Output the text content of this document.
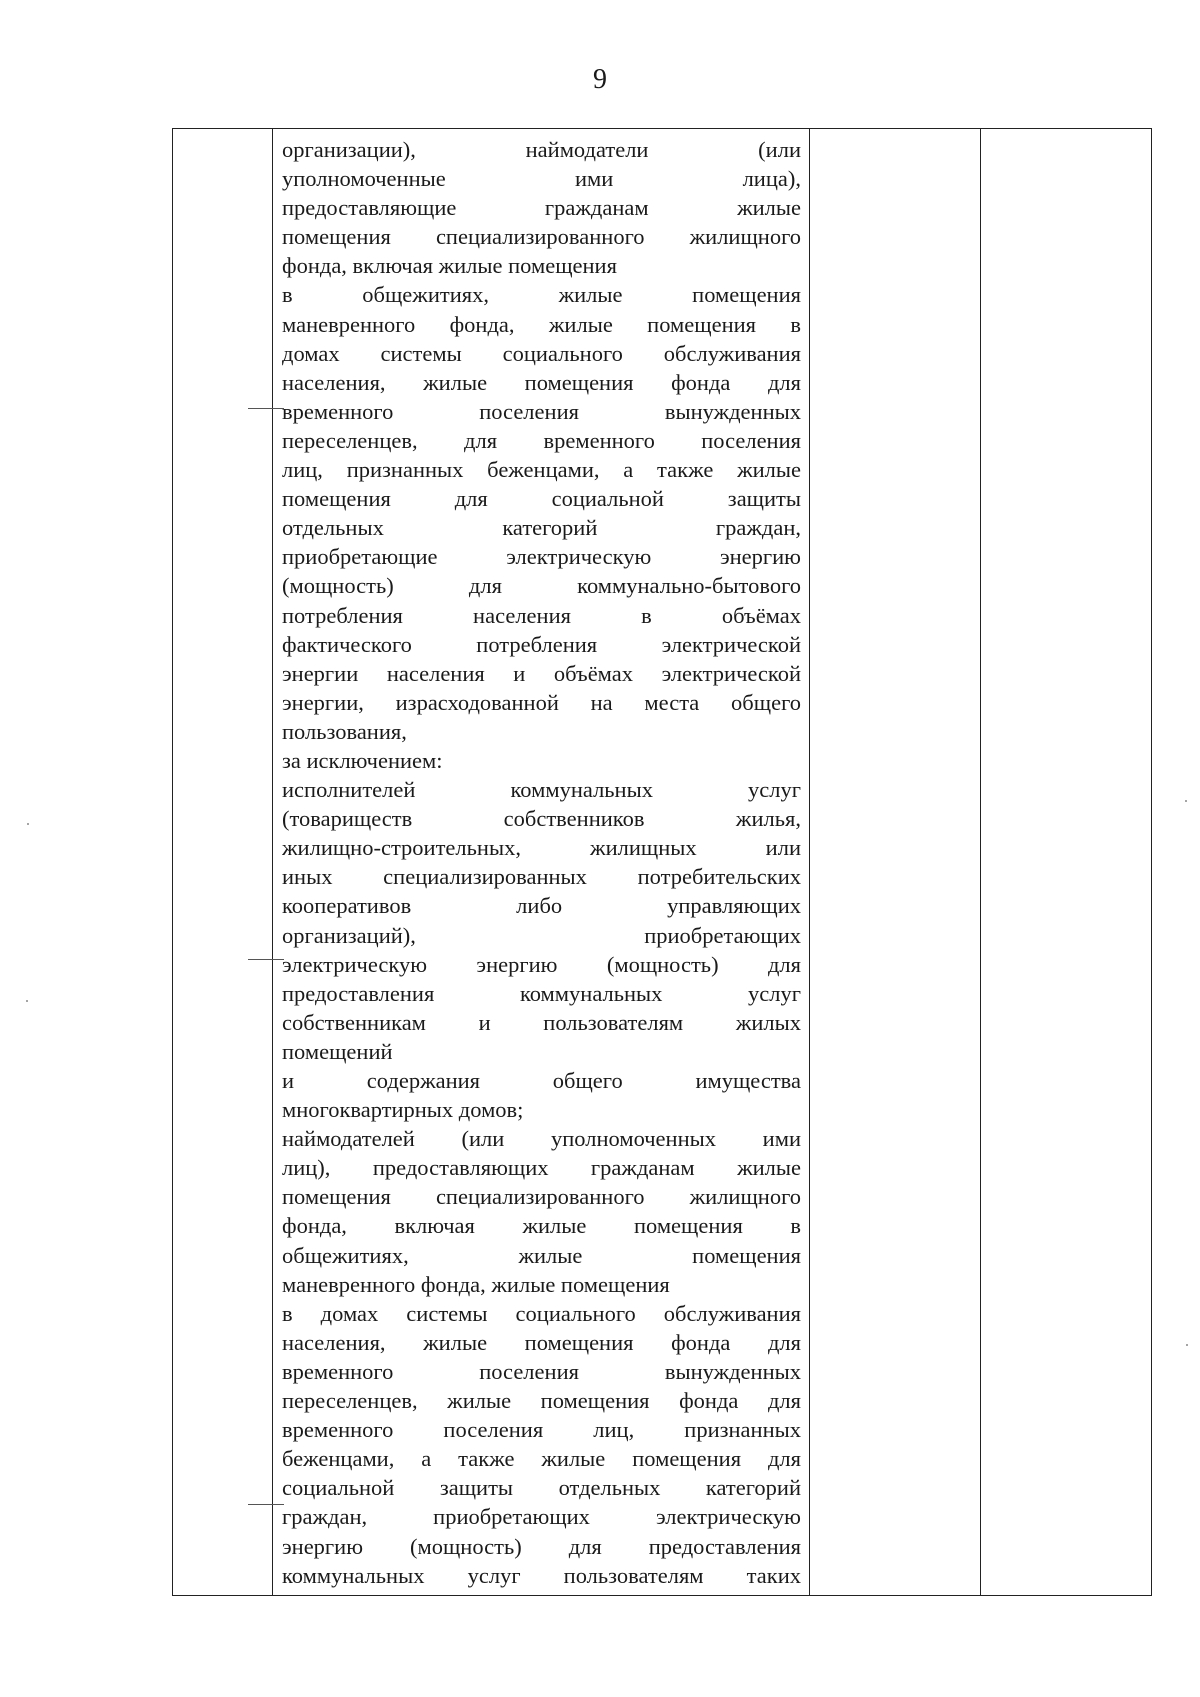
9
организации), наймодатели (или
уполномоченные ими лица),
предоставляющие гражданам жилые
помещения специализированного жилищного
фонда, включая жилые помещения
в общежитиях, жилые помещения
маневренного фонда, жилые помещения в
домах системы социального обслуживания
населения, жилые помещения фонда для
временного поселения вынужденных
переселенцев, для временного поселения
лиц, признанных беженцами, а также жилые
помещения для социальной защиты
отдельных категорий граждан,
приобретающие электрическую энергию
(мощность) для коммунально-бытового
потребления населения в объёмах
фактического потребления электрической
энергии населения и объёмах электрической
энергии, израсходованной на места общего
пользования,
за исключением:
исполнителей коммунальных услуг
(товариществ собственников жилья,
жилищно-строительных, жилищных или
иных специализированных потребительских
кооперативов либо управляющих
организаций), приобретающих
электрическую энергию (мощность) для
предоставления коммунальных услуг
собственникам и пользователям жилых
помещений
и содержания общего имущества
многоквартирных домов;
наймодателей (или уполномоченных ими
лиц), предоставляющих гражданам жилые
помещения специализированного жилищного
фонда, включая жилые помещения в
общежитиях, жилые помещения
маневренного фонда, жилые помещения
в домах системы социального обслуживания
населения, жилые помещения фонда для
временного поселения вынужденных
переселенцев, жилые помещения фонда для
временного поселения лиц, признанных
беженцами, а также жилые помещения для
социальной защиты отдельных категорий
граждан, приобретающих электрическую
энергию (мощность) для предоставления
коммунальных услуг пользователям таких
